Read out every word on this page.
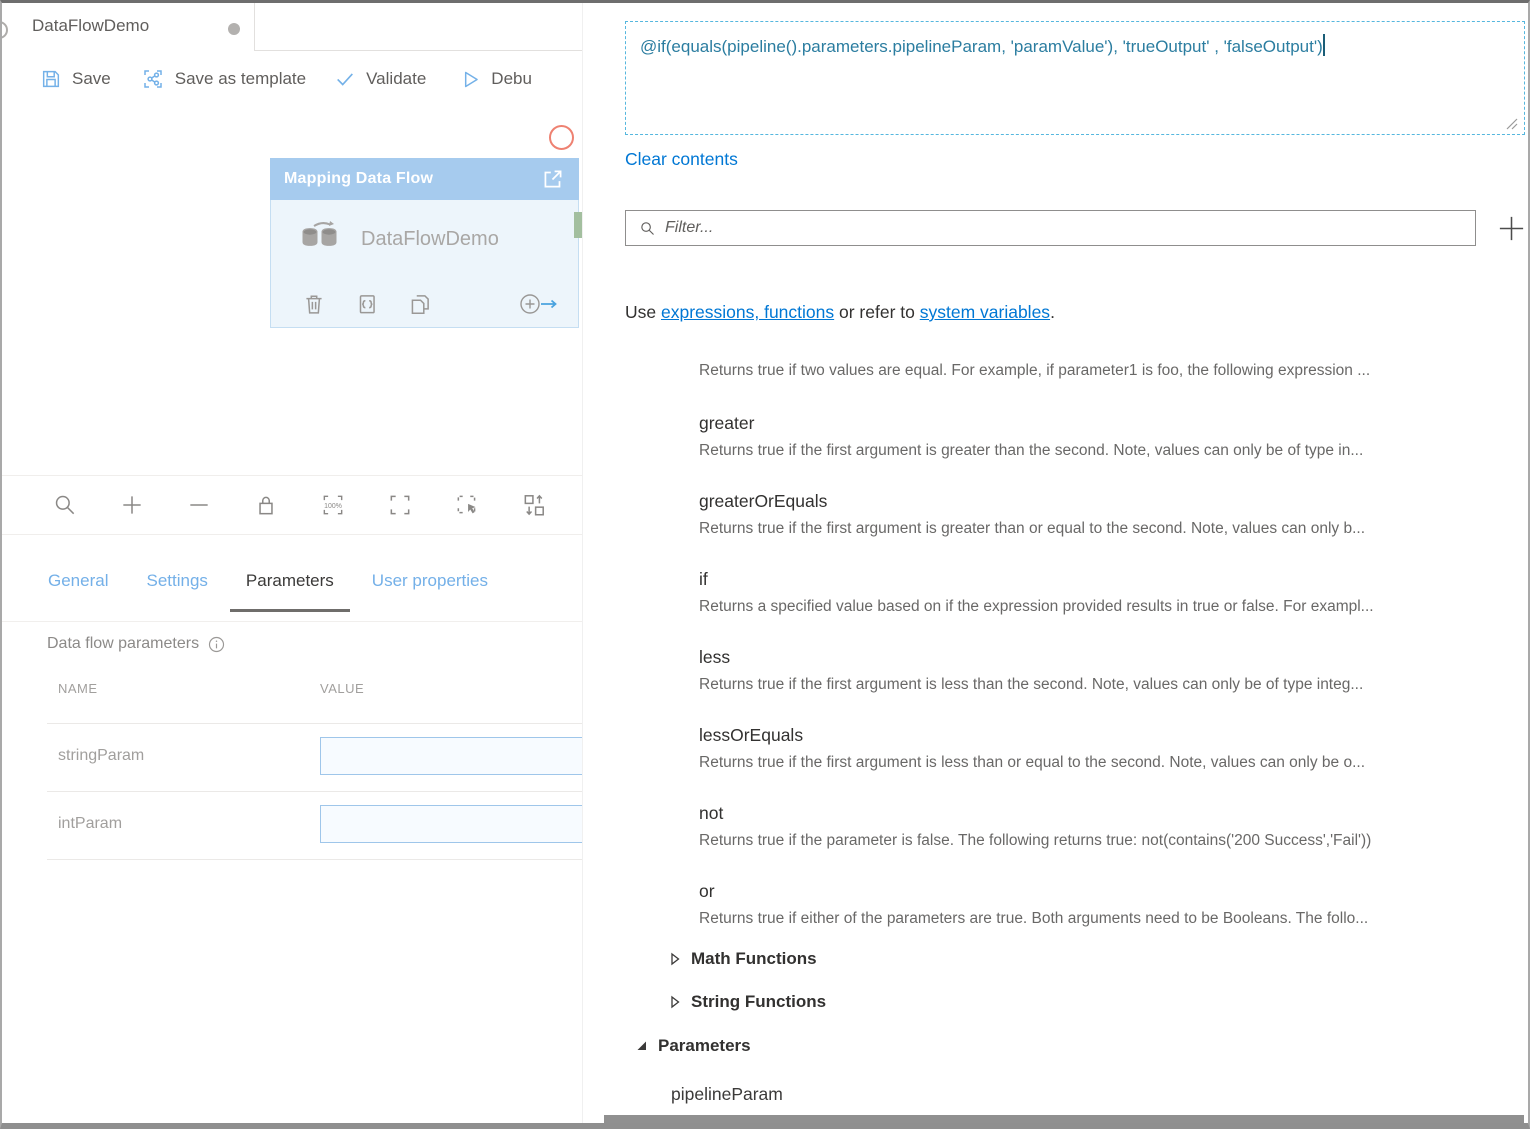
DataFlowDemo
Save	Save as template	Validate	Debu
Mapping Data Flow
DataFlowDemo
100%
General Settings	Parameters	User properties
Data flow parameters
NAME	VALUE
stringParam
intParam
@if(equals(pipeline().parameters.pipelineParam, 'paramValue'), 'trueOutput' , 'falseOutput')
Clear contents
Filter...
Use expressions, functions or refer to system variables.
Returns true if two values are equal. For example, if parameter1 is foo, the following expression ...
greater
Returns true if the first argument is greater than the second. Note, values can only be of type in...
greaterOrEquals
Returns true if the first argument is greater than or equal to the second. Note, values can only b...
if
Returns a specified value based on if the expression provided results in true or false. For exampl...
less
Returns true if the first argument is less than the second. Note, values can only be of type integ...
lessOrEquals
Returns true if the first argument is less than or equal to the second. Note, values can only be o...
not
Returns true if the parameter is false. The following returns true: not(contains('200 Success','Fail'))
or
Returns true if either of the parameters are true. Both arguments need to be Booleans. The follo...
Math Functions
String Functions
Parameters
pipelineParam
